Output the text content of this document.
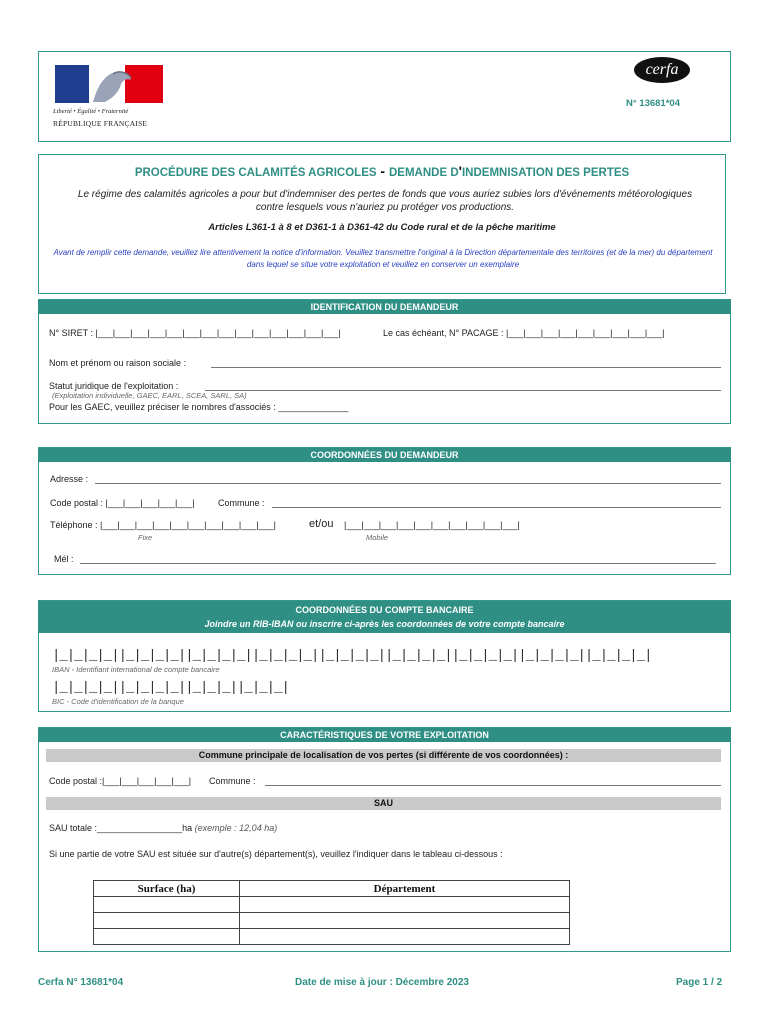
Liberté • Égalité • Fraternité
RÉPUBLIQUE FRANÇAISE
cerfa
N° 13681*04
PROCÉDURE DES CALAMITÉS AGRICOLES - DEMANDE D'INDEMNISATION DES PERTES
Le régime des calamités agricoles a pour but d'indemniser des pertes de fonds que vous auriez subies lors d'événements météorologiques contre lesquels vous n'auriez pu protéger vos productions.
Articles L361-1 à 8 et D361-1 à D361-42 du Code rural et de la pêche maritime
Avant de remplir cette demande, veuillez lire attentivement la notice d'information. Veuillez transmettre l'original à la Direction départementale des territoires (et de la mer) du département dans lequel se situe votre exploitation et veuillez en conserver un exemplaire
IDENTIFICATION DU DEMANDEUR
N° SIRET : |___|___|___|___|___|___|___|___|___|___|___|___|___|___|	Le cas échéant, N° PACAGE : |___|___|___|___|___|___|___|___|___|
Nom et prénom ou raison sociale :
Statut juridique de l'exploitation :
(Exploitation individuelle, GAEC, EARL, SCEA, SARL, SA)
Pour les GAEC, veuillez préciser le nombres d'associés : ______________
COORDONNÉES DU DEMANDEUR
Adresse :
Code postal : |___|___|___|___|___|	Commune :
Téléphone : |___|___|___|___|___|___|___|___|___|___|	et/ou |___|___|___|___|___|___|___|___|___|___|
Fixe	Mobile
Mél :
COORDONNÉES DU COMPTE BANCAIRE
Joindre un RIB-IBAN ou inscrire ci-après les coordonnées de votre compte bancaire
|_|_|_|_||_|_|_|_||_|_|_|_||_|_|_|_||_|_|_|_||_|_|_|_||_|_|_|_||_|_|_|_||_|_|_|_|
IBAN - Identifiant international de compte bancaire
|_|_|_|_||_|_|_|_||_|_|_||_|_|_|
BIC - Code d'identification de la banque
CARACTÉRISTIQUES DE VOTRE EXPLOITATION
Commune principale de localisation de vos pertes (si différente de vos coordonnées) :
Code postal :|___|___|___|___|___| Commune :
SAU
SAU totale :_________________ha (exemple : 12,04 ha)
Si une partie de votre SAU est située sur d'autre(s) département(s), veuillez l'indiquer dans le tableau ci-dessous :
Surface (ha)	Département

Cerfa N° 13681*04	Date de mise à jour : Décembre 2023	Page 1 / 2
